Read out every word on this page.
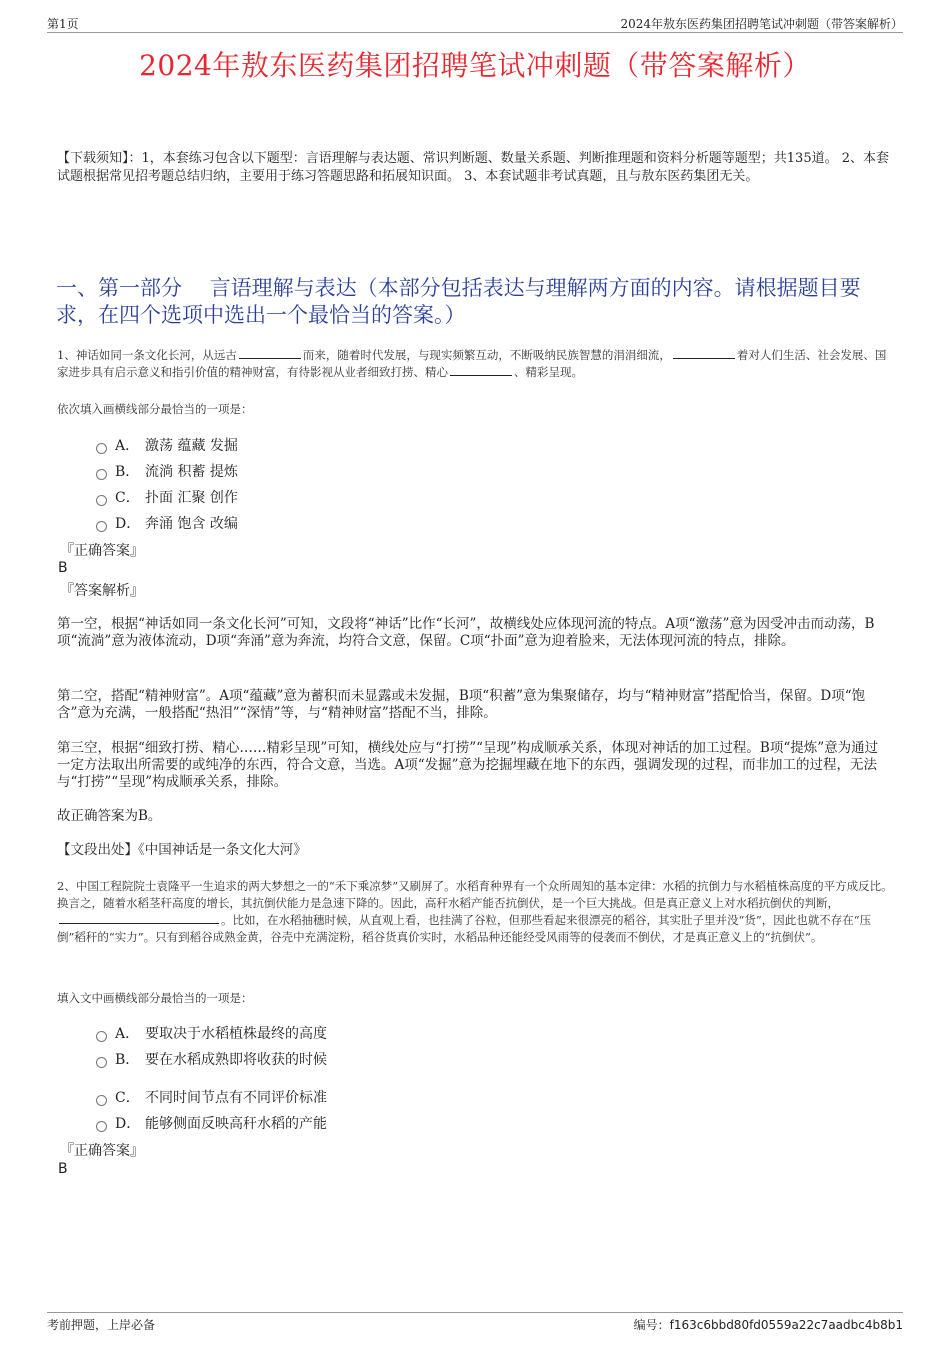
第1页	2024年敖东医药集团招聘笔试冲刺题（带答案解析）
2024年敖东医药集团招聘笔试冲刺题（带答案解析）
【下载须知】：1，本套练习包含以下题型：言语理解与表达题、常识判断题、数量关系题、判断推理题和资料分析题等题型；共135道。 2、本套试题根据常见招考题总结归纳，主要用于练习答题思路和拓展知识面。 3、本套试题非考试真题，且与敖东医药集团无关。
一、第一部分　 言语理解与表达（本部分包括表达与理解两方面的内容。请根据题目要求，在四个选项中选出一个最恰当的答案。）
1、神话如同一条文化长河，从远古	而来，随着时代发展，与现实频繁互动，不断吸纳民族智慧的涓涓细流，	着对人们生活、社会发展、国家进步具有启示意义和指引价值的精神财富，有待影视从业者细致打捞、精心	、精彩呈现。
依次填入画横线部分最恰当的一项是：
A． 激荡 蕴藏 发掘
B． 流淌 积蓄 提炼
C． 扑面 汇聚 创作
D． 奔涌 饱含 改编
『正确答案』
B
『答案解析』
第一空，根据“神话如同一条文化长河”可知，文段将“神话”比作“长河”，故横线处应体现河流的特点。A项“激荡”意为因受冲击而动荡，B项“流淌”意为液体流动，D项“奔涌”意为奔流，均符合文意，保留。C项“扑面”意为迎着脸来，无法体现河流的特点，排除。
第二空，搭配“精神财富”。A项“蕴藏”意为蓄积而未显露或未发掘，B项“积蓄”意为集聚储存，均与“精神财富”搭配恰当，保留。D项“饱含”意为充满，一般搭配“热泪”“深情”等，与“精神财富”搭配不当，排除。
第三空，根据“细致打捞、精心……精彩呈现”可知，横线处应与“打捞”“呈现”构成顺承关系，体现对神话的加工过程。B项“提炼”意为通过一定方法取出所需要的或纯净的东西，符合文意，当选。A项“发掘”意为挖掘埋藏在地下的东西，强调发现的过程，而非加工的过程，无法与“打捞”“呈现”构成顺承关系，排除。
故正确答案为B。
【文段出处】《中国神话是一条文化大河》
2、中国工程院院士袁隆平一生追求的两大梦想之一的“禾下乘凉梦”又刷屏了。水稻育种界有一个众所周知的基本定律：水稻的抗倒力与水稻植株高度的平方成反比。换言之，随着水稻茎秆高度的增长，其抗倒伏能力是急速下降的。因此，高秆水稻产能否抗倒伏，是一个巨大挑战。但是真正意义上对水稻抗倒伏的判断，。比如，在水稻抽穗时候，从直观上看，也挂满了谷粒，但那些看起来很漂亮的稻谷，其实肚子里并没“货”，因此也就不存在“压倒”稻秆的“实力”。只有到稻谷成熟金黄，谷壳中充满淀粉，稻谷货真价实时，水稻品种还能经受风雨等的侵袭而不倒伏，才是真正意义上的“抗倒伏”。
填入文中画横线部分最恰当的一项是：
A． 要取决于水稻植株最终的高度
B． 要在水稻成熟即将收获的时候
C． 不同时间节点有不同评价标准
D． 能够侧面反映高秆水稻的产能
『正确答案』
B
考前押题，上岸必备	编号：f163c6bbd80fd0559a22c7aadbc4b8b1
